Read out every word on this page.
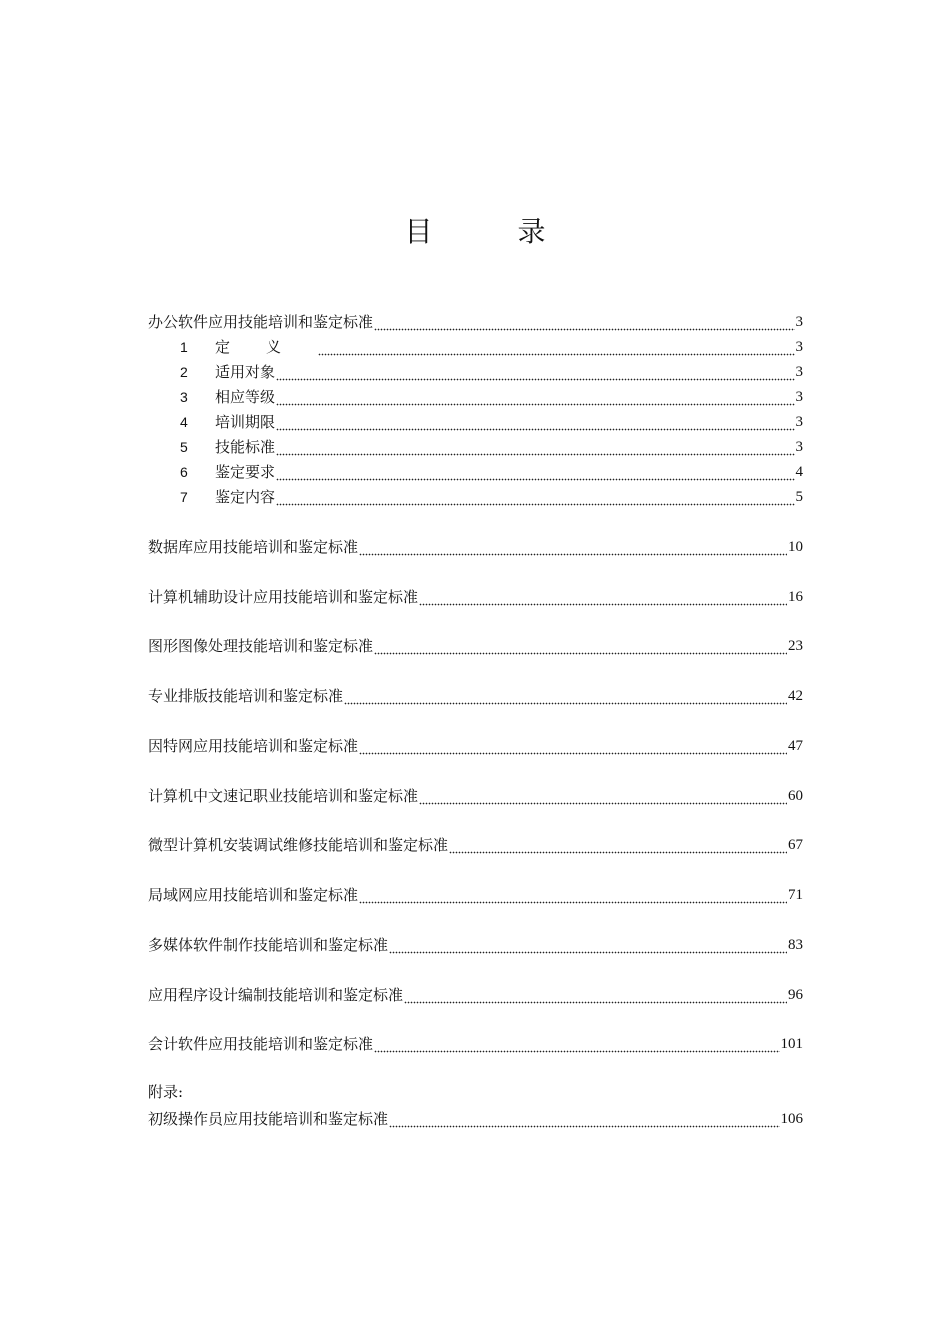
目 录
办公软件应用技能培训和鉴定标准	3
1	定义	3
2	适用对象	3
3	相应等级	3
4	培训期限	3
5	技能标准	3
6	鉴定要求	4
7	鉴定内容	5
数据库应用技能培训和鉴定标准	10
计算机辅助设计应用技能培训和鉴定标准	16
图形图像处理技能培训和鉴定标准	23
专业排版技能培训和鉴定标准	42
因特网应用技能培训和鉴定标准	47
计算机中文速记职业技能培训和鉴定标准	60
微型计算机安装调试维修技能培训和鉴定标准	67
局域网应用技能培训和鉴定标准	71
多媒体软件制作技能培训和鉴定标准	83
应用程序设计编制技能培训和鉴定标准	96
会计软件应用技能培训和鉴定标准	101
附录:
初级操作员应用技能培训和鉴定标准	106
